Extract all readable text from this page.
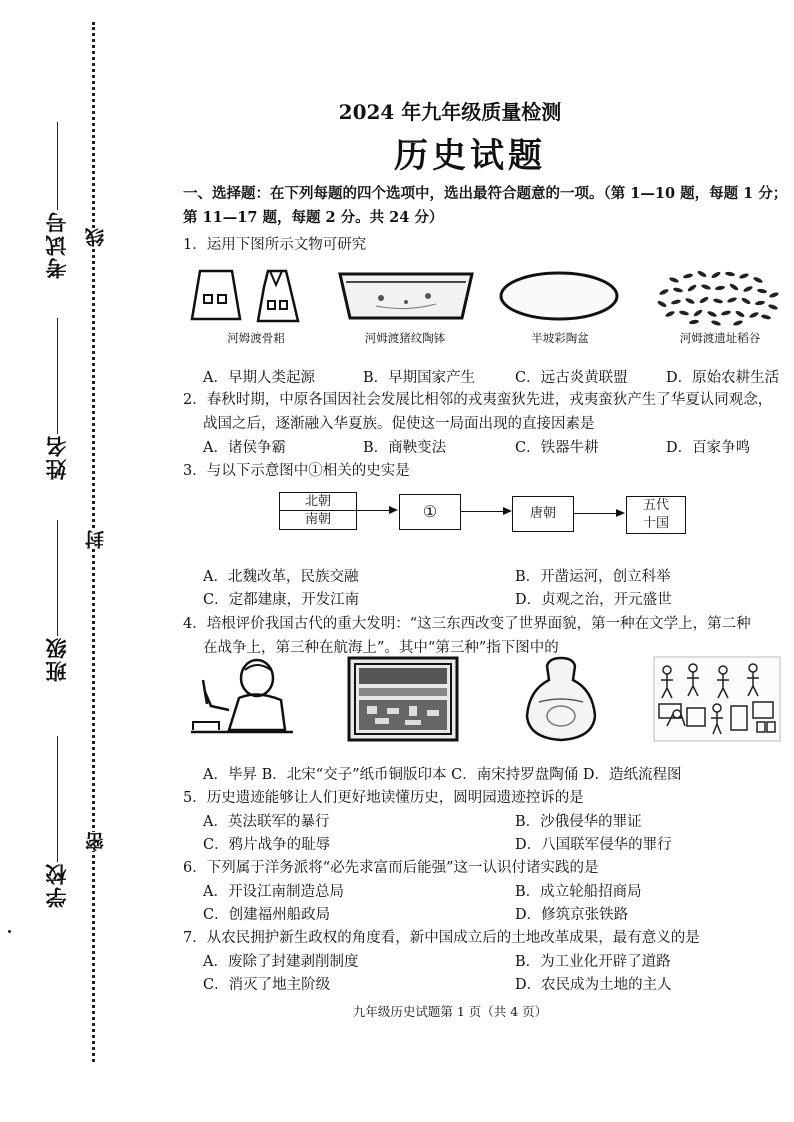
线
封
密
考试号
姓名
班级
学校
2024 年九年级质量检测
历史试题
一、选择题：在下列每题的四个选项中，选出最符合题意的一项。（第 1—10 题，每题 1 分；
第 11—17 题，每题 2 分。共 24 分）
1．运用下图所示文物可研究
河姆渡骨耜	河姆渡猪纹陶钵	半坡彩陶盆	河姆渡遗址稻谷
A．早期人类起源	B．早期国家产生	C．远古炎黄联盟	D．原始农耕生活
2．春秋时期，中原各国因社会发展比相邻的戎夷蛮狄先进，戎夷蛮狄产生了华夏认同观念，
战国之后，逐渐融入华夏族。促使这一局面出现的直接因素是
A．诸侯争霸	B．商鞅变法	C．铁器牛耕	D．百家争鸣
3．与以下示意图中①相关的史实是
北朝
南朝	①	唐朝
五代
十国
A．北魏改革，民族交融	B．开凿运河，创立科举
C．定都建康，开发江南	D．贞观之治，开元盛世
4．培根评价我国古代的重大发明：“这三东西改变了世界面貌，第一种在文学上，第二种
在战争上，第三种在航海上”。其中“第三种”指下图中的
A．毕昇 B．北宋“交子”纸币铜版印本 C．南宋持罗盘陶俑 D．造纸流程图
5．历史遗迹能够让人们更好地读懂历史，圆明园遗迹控诉的是
A．英法联军的暴行	B．沙俄侵华的罪证
C．鸦片战争的耻辱	D．八国联军侵华的罪行
6．下列属于洋务派将“必先求富而后能强”这一认识付诸实践的是
A．开设江南制造总局	B．成立轮船招商局
C．创建福州船政局	D．修筑京张铁路
7．从农民拥护新生政权的角度看，新中国成立后的土地改革成果，最有意义的是
A．废除了封建剥削制度	B．为工业化开辟了道路
C．消灭了地主阶级	D．农民成为土地的主人
九年级历史试题第 1 页（共 4 页）
